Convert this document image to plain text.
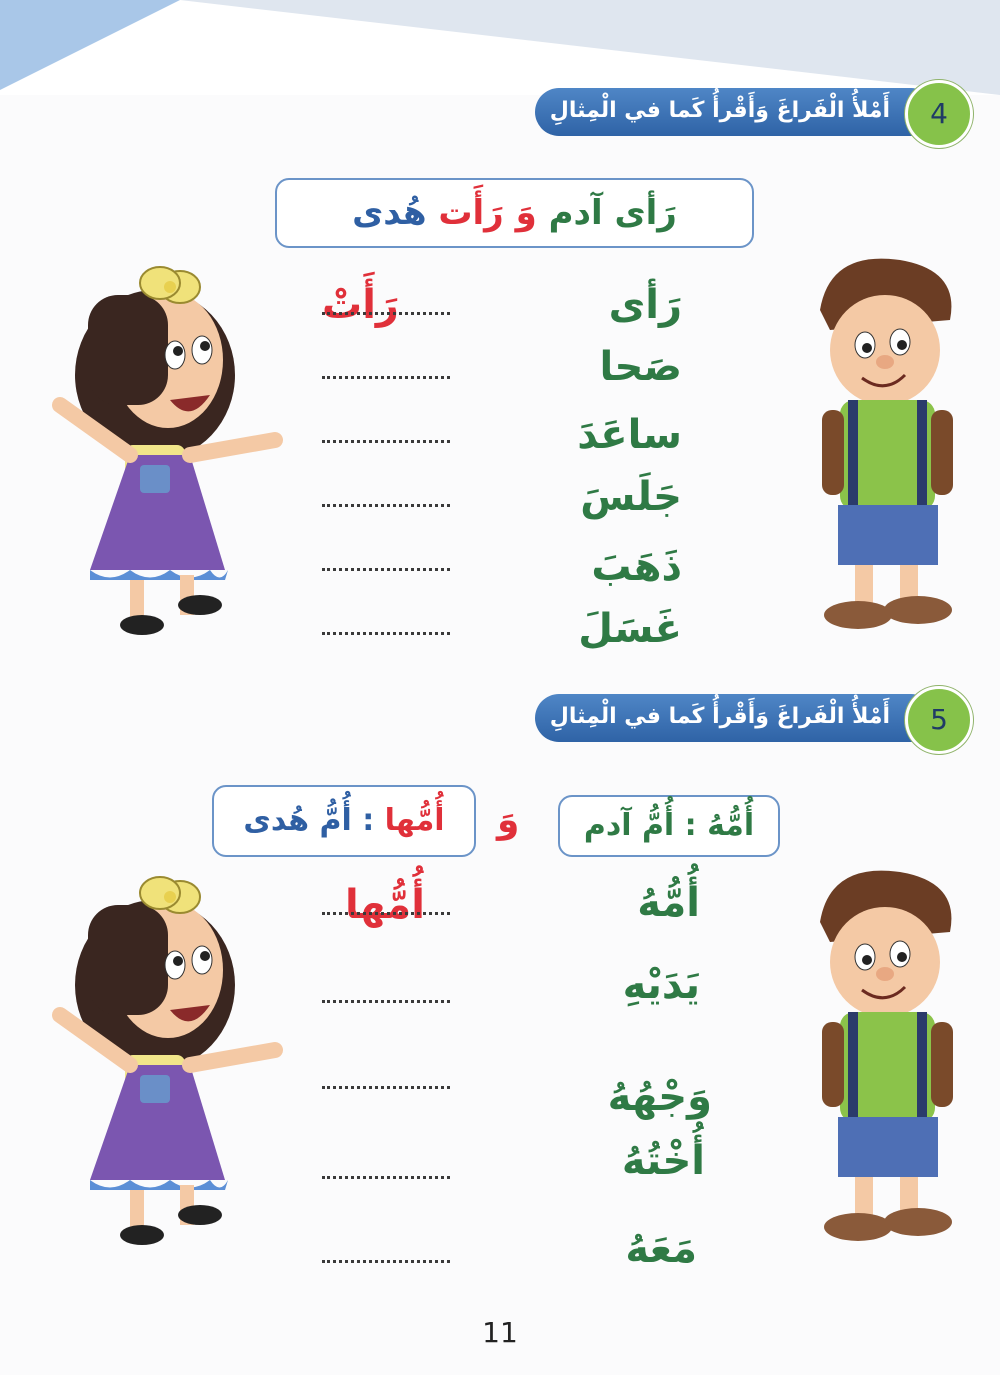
أَمْلأُ الْفَراغَ وَأَقْرأُ كَما في الْمِثالِ	4
رَأى آدم وَ رَأَت هُدى
رَأى
صَحا
ساعَدَ
جَلَسَ
ذَهَبَ
غَسَلَ
رَأَتْ
أَمْلأُ الْفَراغَ وَأَقْرأُ كَما في الْمِثالِ	5
أُمُّهُ : أُمُّ آدم
وَ
أُمُّها : أُمُّ هُدى
أُمُّهُ
يَدَيْهِ
وَجْهُهُ
أُخْتُهُ
مَعَهُ
أُمُّها
11
